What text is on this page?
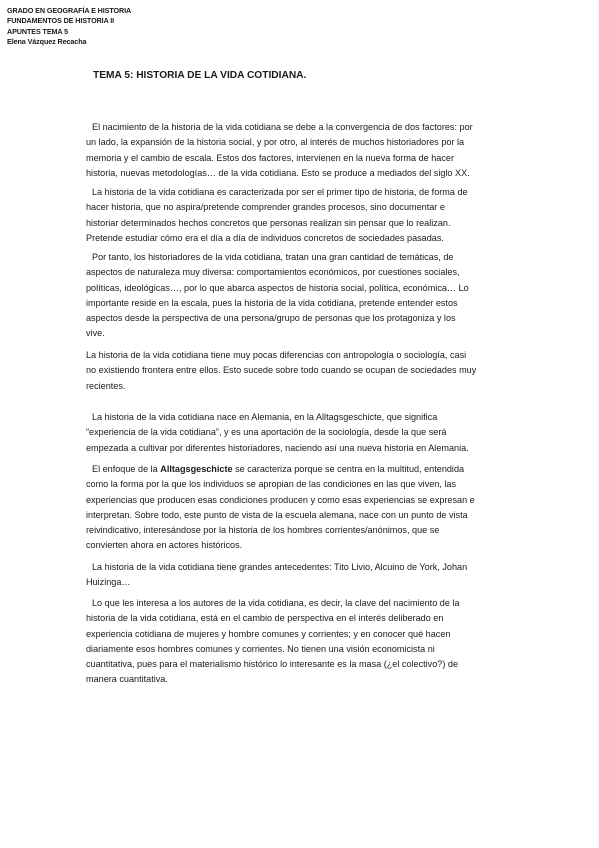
GRADO EN GEOGRAFÍA E HISTORIA
FUNDAMENTOS DE HISTORIA II
APUNTES TEMA 5
Elena Vázquez Recacha
TEMA 5: HISTORIA DE LA VIDA COTIDIANA.
El nacimiento de la historia de la vida cotidiana se debe a la convergencia de dos factores: por
un lado, la expansión de la historia social, y por otro, al interés de muchos historiadores por la
memoria y el cambio de escala. Estos dos factores, intervienen en la nueva forma de hacer
historia, nuevas metodologías… de la vida cotidiana. Esto se produce a mediados del siglo XX.
La historia de la vida cotidiana es caracterizada por ser el primer tipo de historia, de forma de
hacer historia, que no aspira/pretende comprender grandes procesos, sino documentar e
historiar determinados hechos concretos que personas realizan sin pensar que lo realizan.
Pretende estudiar cómo era el día a día de individuos concretos de sociedades pasadas.
Por tanto, los historiadores de la vida cotidiana, tratan una gran cantidad de temáticas, de
aspectos de naturaleza muy diversa: comportamientos económicos, por cuestiones sociales,
políticas, ideológicas…, por lo que abarca aspectos de historia social, política, económica… Lo
importante reside en la escala, pues la historia de la vida cotidiana, pretende entender estos
aspectos desde la perspectiva de una persona/grupo de personas que los protagoniza y los
vive.
La historia de la vida cotidiana tiene muy pocas diferencias con antropología o sociología, casi
no existiendo frontera entre ellos. Esto sucede sobre todo cuando se ocupan de sociedades muy
recientes.
La historia de la vida cotidiana nace en Alemania, en la Alltagsgeschicte, que significa
“experiencia de la vida cotidiana”, y es una aportación de la sociología, desde la que será
empezada a cultivar por diferentes historiadores, naciendo así una nueva historia en Alemania.
El enfoque de la Alltagsgeschicte se caracteriza porque se centra en la multitud, entendida
como la forma por la que los individuos se apropian de las condiciones en las que viven, las
experiencias que producen esas condiciones producen y como esas experiencias se expresan e
interpretan. Sobre todo, este punto de vista de la escuela alemana, nace con un punto de vista
reivindicativo, interesándose por la historia de los hombres corrientes/anónimos, que se
convierten ahora en actores históricos.
La historia de la vida cotidiana tiene grandes antecedentes: Tito Livio, Alcuino de York, Johan
Huizinga…
Lo que les interesa a los autores de la vida cotidiana, es decir, la clave del nacimiento de la
historia de la vida cotidiana, está en el cambio de perspectiva en el interés deliberado en
experiencia cotidiana de mujeres y hombre comunes y corrientes; y en conocer qué hacen
diariamente esos hombres comunes y corrientes. No tienen una visión economicista ni
cuantitativa, pues para el materialismo histórico lo interesante es la masa (¿el colectivo?) de
manera cuantitativa.
